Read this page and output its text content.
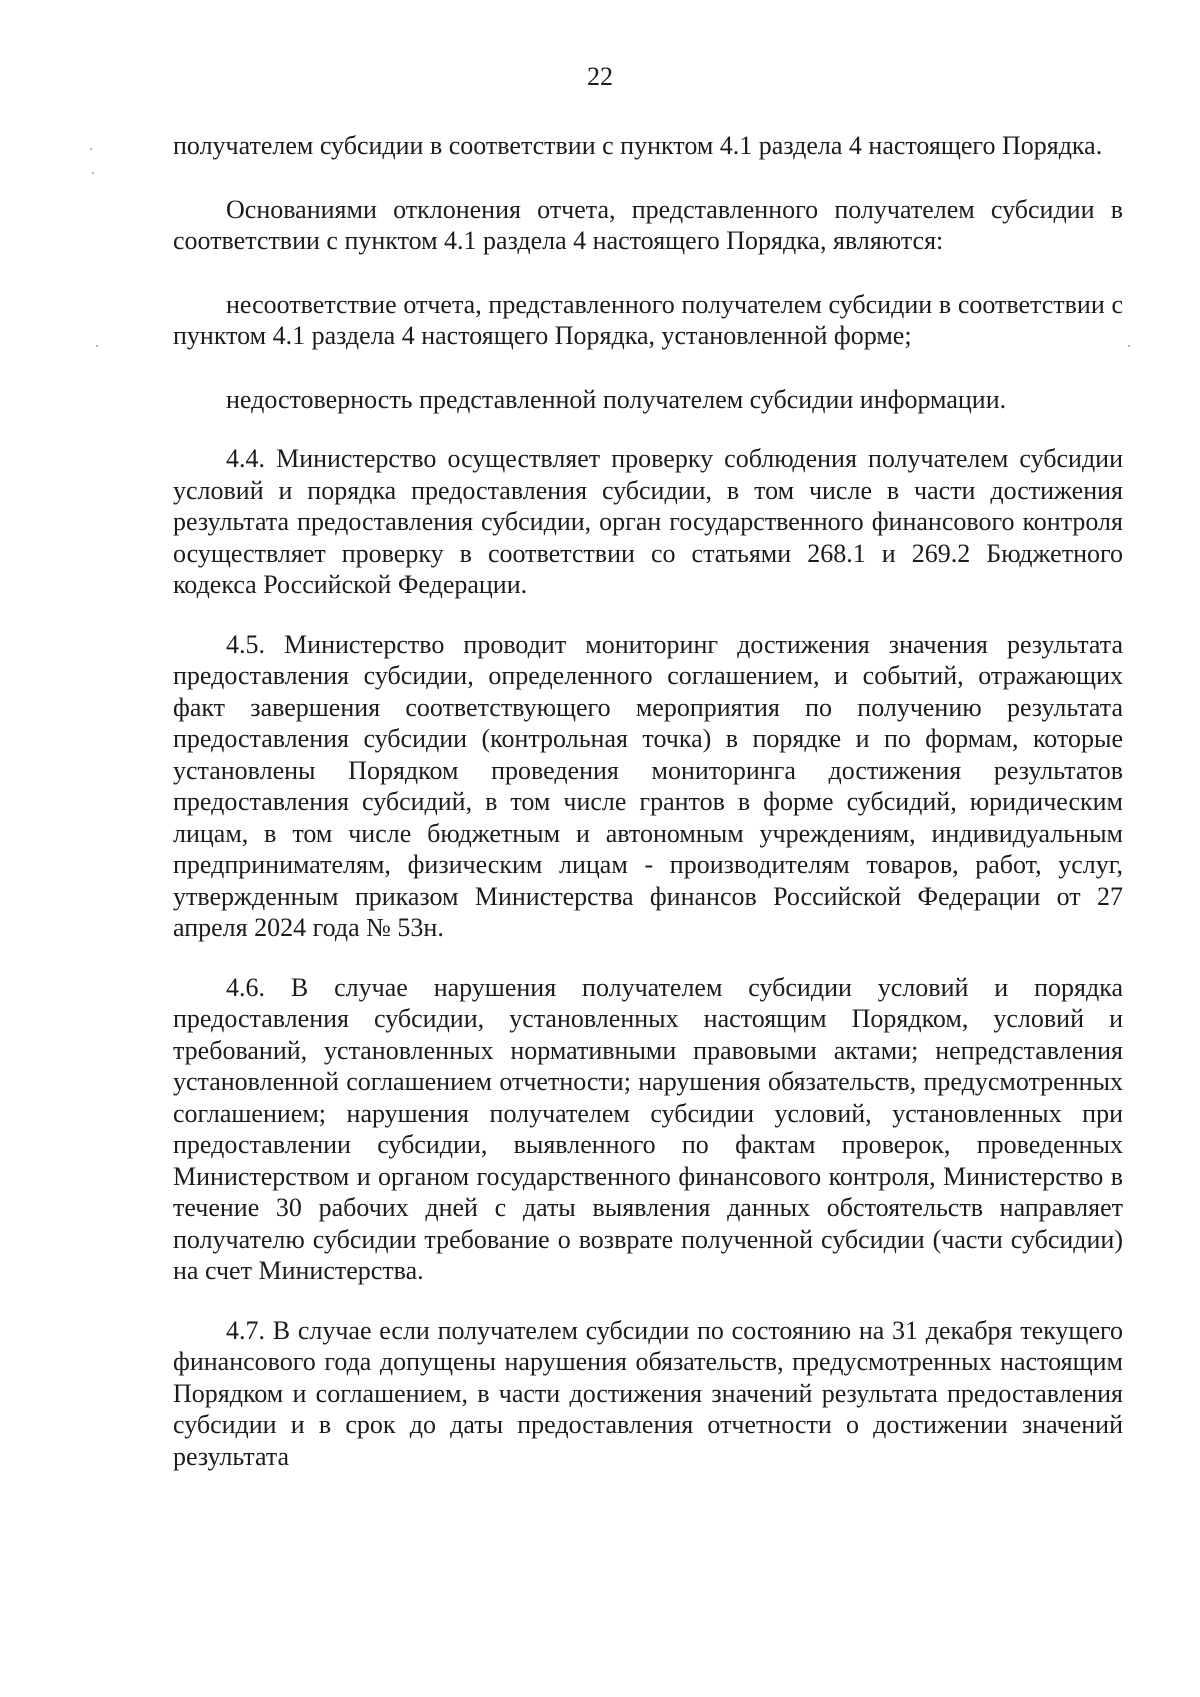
22

получателем субсидии в соответствии с пунктом 4.1 раздела 4 настоящего Порядка.

Основаниями отклонения отчета, представленного получателем субсидии в соответствии с пунктом 4.1 раздела 4 настоящего Порядка, являются:

несоответствие отчета, представленного получателем субсидии в соответствии с пунктом 4.1 раздела 4 настоящего Порядка, установленной форме;

недостоверность представленной получателем субсидии информации.

4.4. Министерство осуществляет проверку соблюдения получателем субсидии условий и порядка предоставления субсидии, в том числе в части достижения результата предоставления субсидии, орган государственного финансового контроля осуществляет проверку в соответствии со статьями 268.1 и 269.2 Бюджетного кодекса Российской Федерации.

4.5. Министерство проводит мониторинг достижения значения результата предоставления субсидии, определенного соглашением, и событий, отражающих факт завершения соответствующего мероприятия по получению результата предоставления субсидии (контрольная точка) в порядке и по формам, которые установлены Порядком проведения мониторинга достижения результатов предоставления субсидий, в том числе грантов в форме субсидий, юридическим лицам, в том числе бюджетным и автономным учреждениям, индивидуальным предпринимателям, физическим лицам - производителям товаров, работ, услуг, утвержденным приказом Министерства финансов Российской Федерации от 27 апреля 2024 года № 53н.

4.6. В случае нарушения получателем субсидии условий и порядка предоставления субсидии, установленных настоящим Порядком, условий и требований, установленных нормативными правовыми актами; непредставления установленной соглашением отчетности; нарушения обязательств, предусмотренных соглашением; нарушения получателем субсидии условий, установленных при предоставлении субсидии, выявленного по фактам проверок, проведенных Министерством и органом государственного финансового контроля, Министерство в течение 30 рабочих дней с даты выявления данных обстоятельств направляет получателю субсидии требование о возврате полученной субсидии (части субсидии) на счет Министерства.

4.7. В случае если получателем субсидии по состоянию на 31 декабря текущего финансового года допущены нарушения обязательств, предусмотренных настоящим Порядком и соглашением, в части достижения значений результата предоставления субсидии и в срок до даты предоставления отчетности о достижении значений результата
